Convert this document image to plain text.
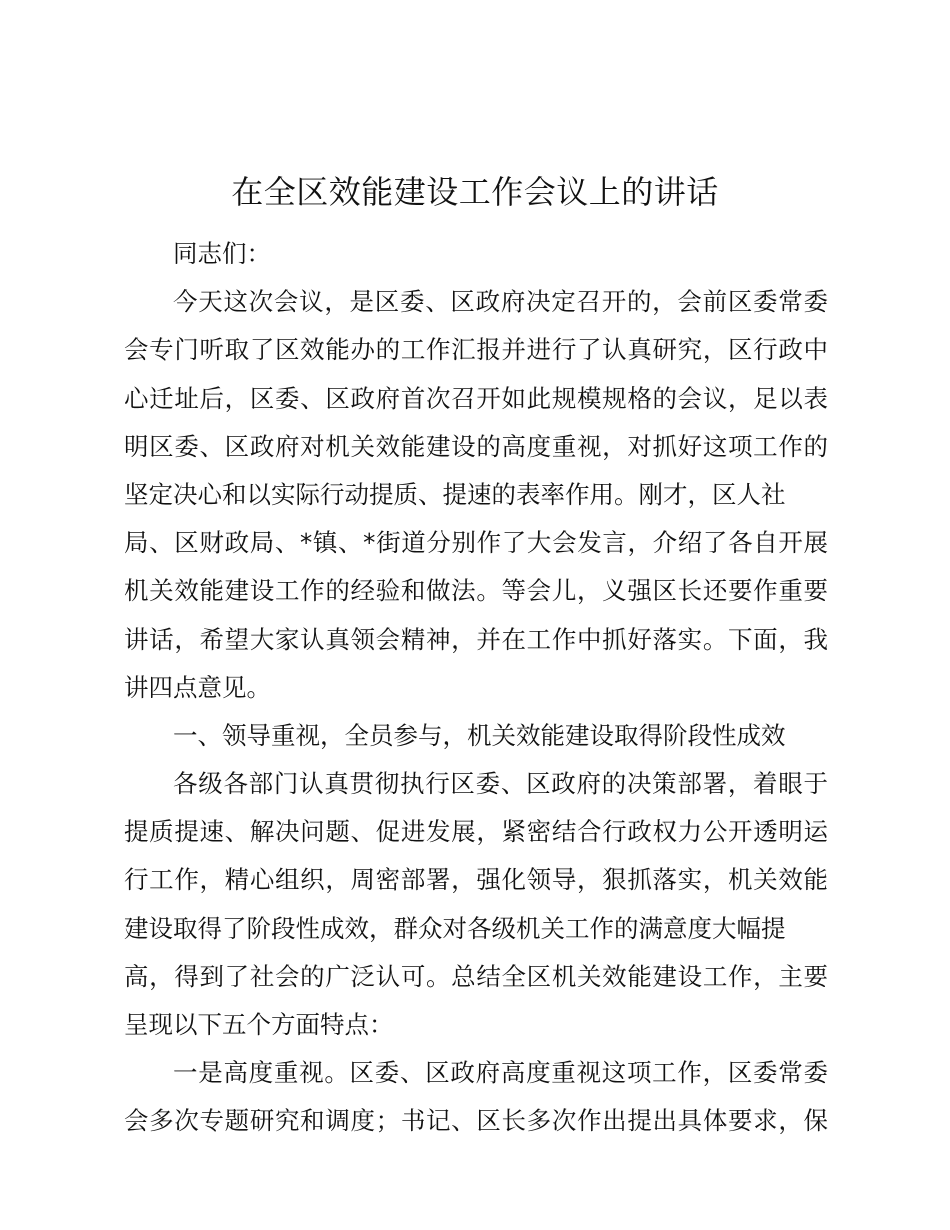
在全区效能建设工作会议上的讲话
同志们：
今天这次会议，是区委、区政府决定召开的，会前区委常委
会专门听取了区效能办的工作汇报并进行了认真研究，区行政中
心迁址后，区委、区政府首次召开如此规模规格的会议，足以表
明区委、区政府对机关效能建设的高度重视，对抓好这项工作的
坚定决心和以实际行动提质、提速的表率作用。刚才，区人社
局、区财政局、*镇、*街道分别作了大会发言，介绍了各自开展
机关效能建设工作的经验和做法。等会儿，义强区长还要作重要
讲话，希望大家认真领会精神，并在工作中抓好落实。下面，我
讲四点意见。
一、领导重视，全员参与，机关效能建设取得阶段性成效
各级各部门认真贯彻执行区委、区政府的决策部署，着眼于
提质提速、解决问题、促进发展，紧密结合行政权力公开透明运
行工作，精心组织，周密部署，强化领导，狠抓落实，机关效能
建设取得了阶段性成效，群众对各级机关工作的满意度大幅提
高，得到了社会的广泛认可。总结全区机关效能建设工作，主要
呈现以下五个方面特点：
一是高度重视。区委、区政府高度重视这项工作，区委常委
会多次专题研究和调度；书记、区长多次作出提出具体要求，保
